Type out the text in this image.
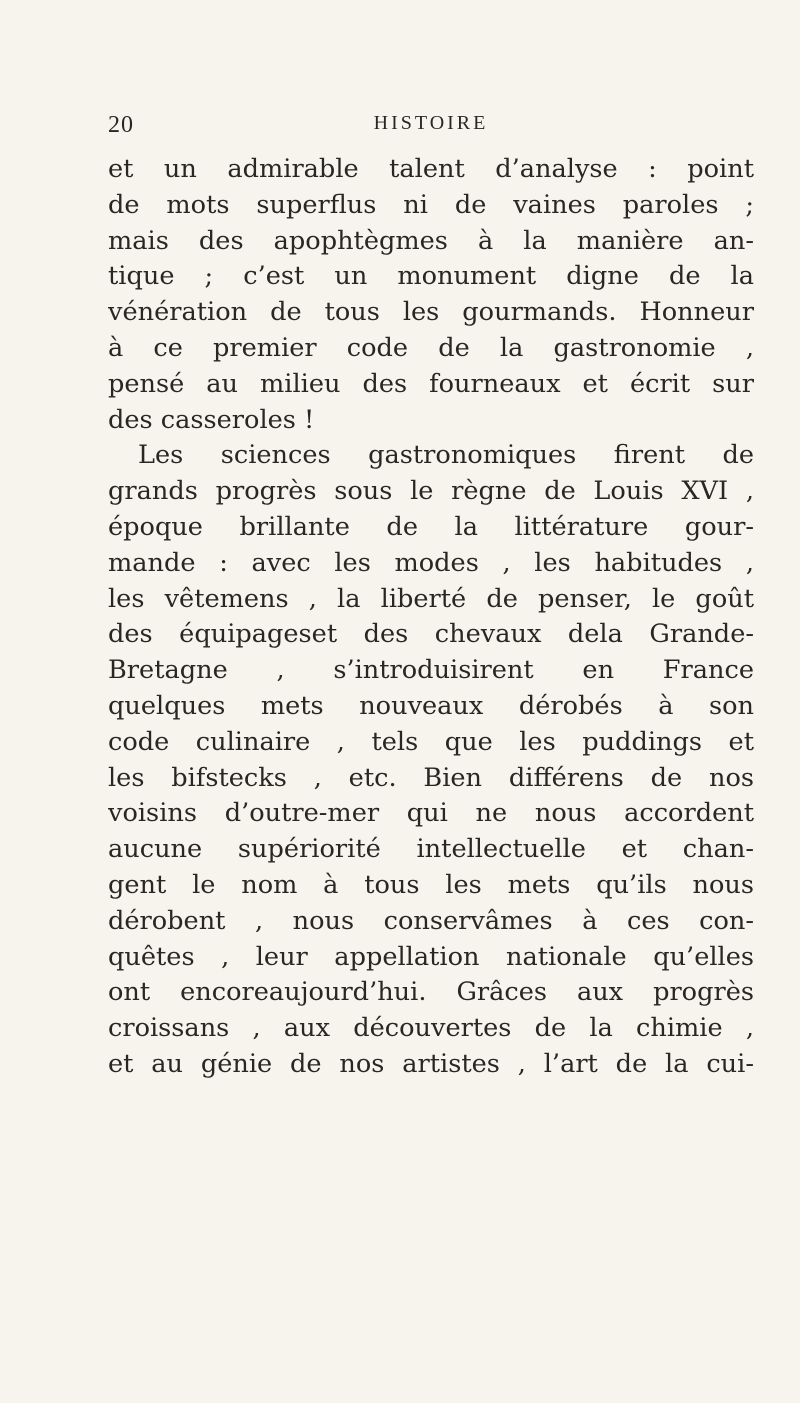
20	HISTOIRE
et un admirable talent d’analyse : point
de mots superflus ni de vaines paroles ;
mais des apophtègmes à la manière an-
tique ; c’est un monument digne de la
vénération de tous les gourmands. Honneur
à ce premier code de la gastronomie ,
pensé au milieu des fourneaux et écrit sur
des casseroles !
Les sciences gastronomiques firent de
grands progrès sous le règne de Louis XVI ,
époque brillante de la littérature gour-
mande : avec les modes , les habitudes ,
les vêtemens , la liberté de penser, le goût
des équipageset des chevaux dela Grande-
Bretagne , s’introduisirent en France
quelques mets nouveaux dérobés à son
code culinaire , tels que les puddings et
les bifstecks , etc. Bien différens de nos
voisins d’outre-mer qui ne nous accordent
aucune supériorité intellectuelle et chan-
gent le nom à tous les mets qu’ils nous
dérobent , nous conservâmes à ces con-
quêtes , leur appellation nationale qu’elles
ont encoreaujourd’hui. Grâces aux progrès
croissans , aux découvertes de la chimie ,
et au génie de nos artistes , l’art de la cui-
